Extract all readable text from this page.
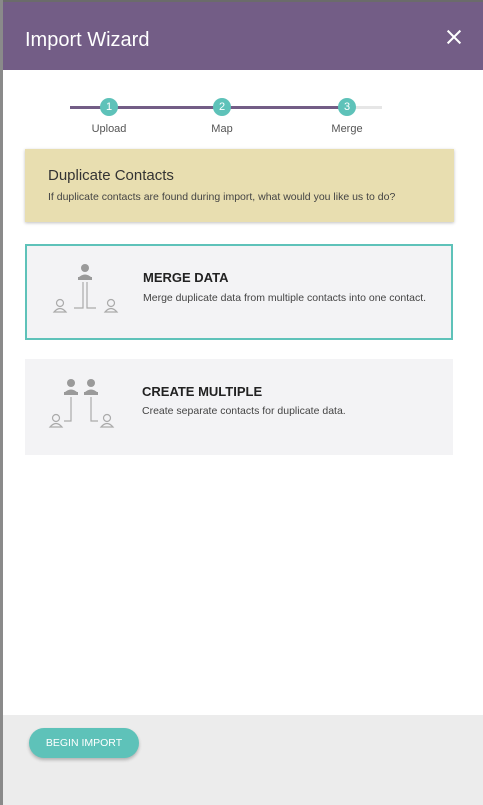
Import Wizard
1
Upload
2
Map
3
Merge
Duplicate Contacts
If duplicate contacts are found during import, what would you like us to do?
MERGE DATA
Merge duplicate data from multiple contacts into one contact.
CREATE MULTIPLE
Create separate contacts for duplicate data.
BEGIN IMPORT
